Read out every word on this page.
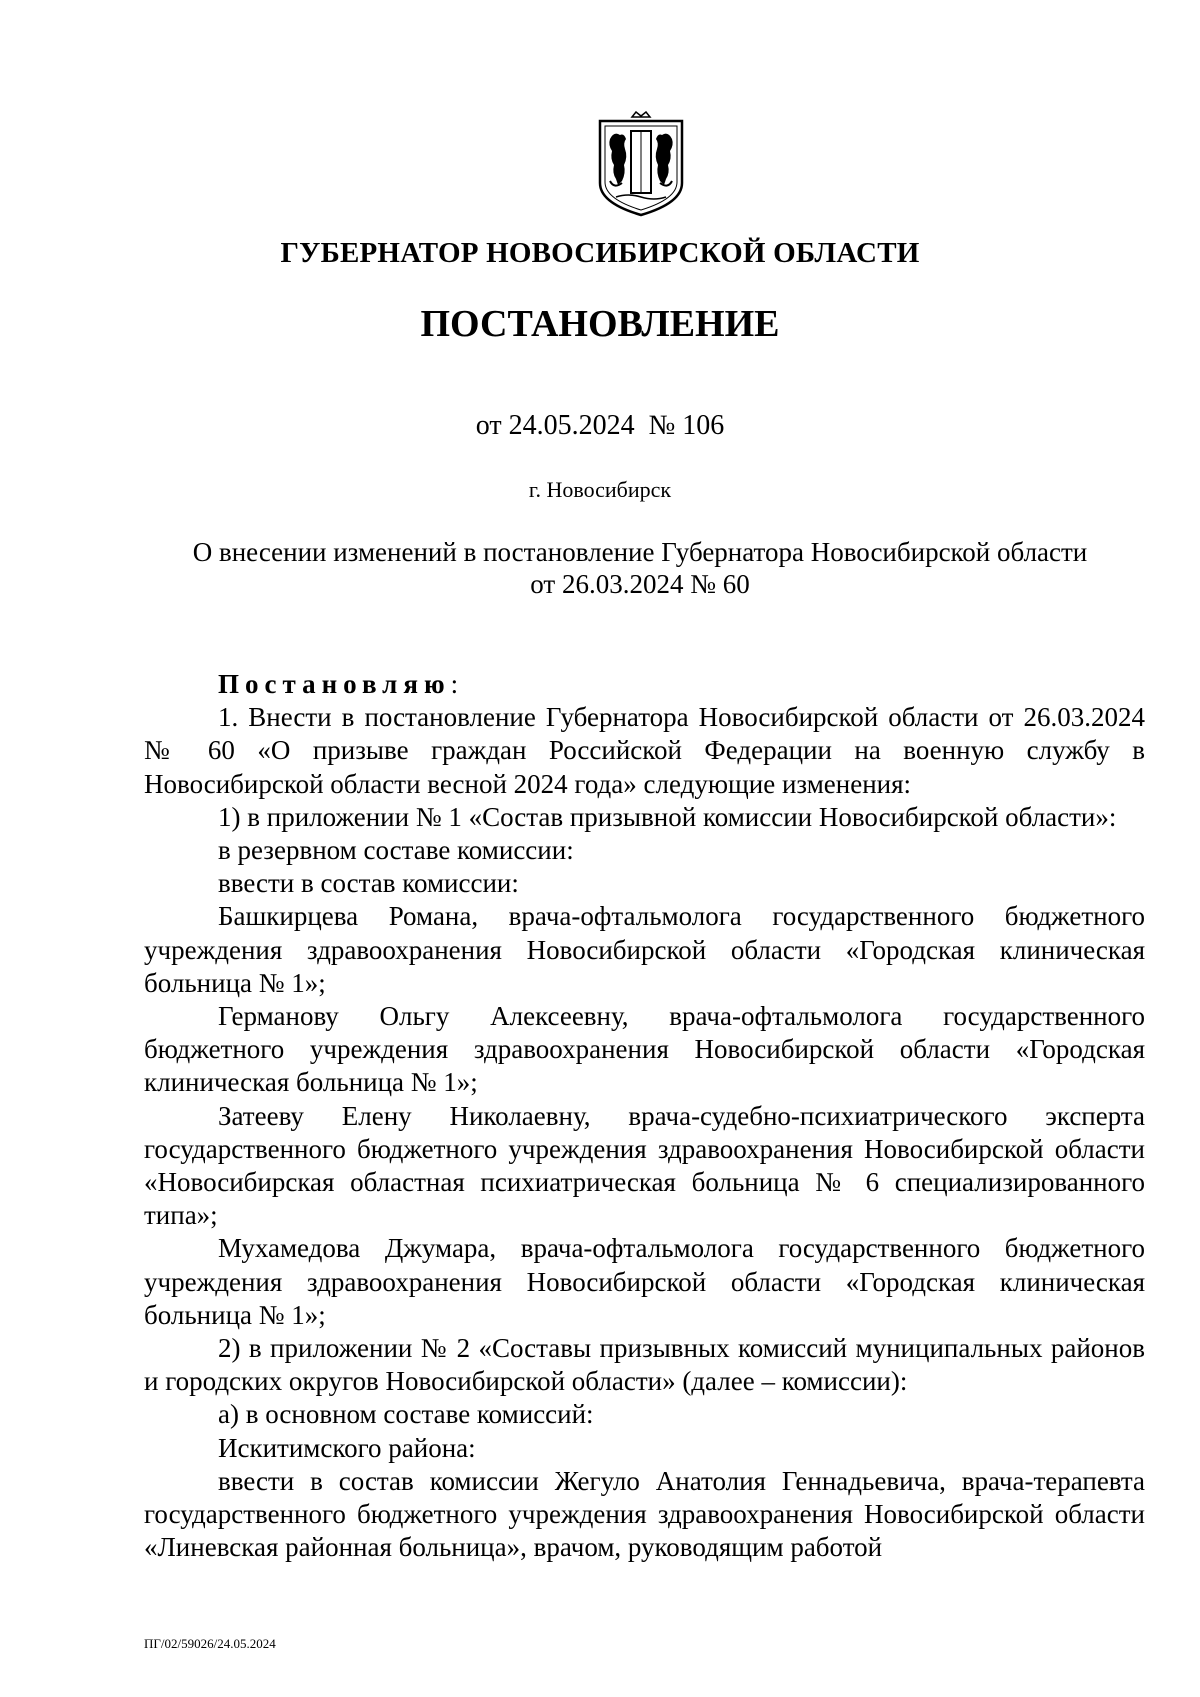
ГУБЕРНАТОР НОВОСИБИРСКОЙ ОБЛАСТИ
ПОСТАНОВЛЕНИЕ
от 24.05.2024  № 106
г. Новосибирск
О внесении изменений в постановление Губернатора Новосибирской области
от 26.03.2024 № 60

Постановляю:

1. Внести в постановление Губернатора Новосибирской области от 26.03.2024 № 60 «О призыве граждан Российской Федерации на военную службу в Новосибирской области весной 2024 года» следующие изменения:

1) в приложении № 1 «Состав призывной комиссии Новосибирской области»:

в резервном составе комиссии:

ввести в состав комиссии:

Башкирцева Романа, врача-офтальмолога государственного бюджетного учреждения здравоохранения Новосибирской области «Городская клиническая больница № 1»;

Германову Ольгу Алексеевну, врача-офтальмолога государственного бюджетного учреждения здравоохранения Новосибирской области «Городская клиническая больница № 1»;

Затееву Елену Николаевну, врача-судебно-психиатрического эксперта государственного бюджетного учреждения здравоохранения Новосибирской области «Новосибирская областная психиатрическая больница № 6 специализированного типа»;

Мухамедова Джумара, врача-офтальмолога государственного бюджетного учреждения здравоохранения Новосибирской области «Городская клиническая больница № 1»;

2) в приложении № 2 «Составы призывных комиссий муниципальных районов и городских округов Новосибирской области» (далее – комиссии):

а) в основном составе комиссий:

Искитимского района:

ввести в состав комиссии Жегуло Анатолия Геннадьевича, врача-терапевта государственного бюджетного учреждения здравоохранения Новосибирской области «Линевская районная больница», врачом, руководящим работой

ПГ/02/59026/24.05.2024
